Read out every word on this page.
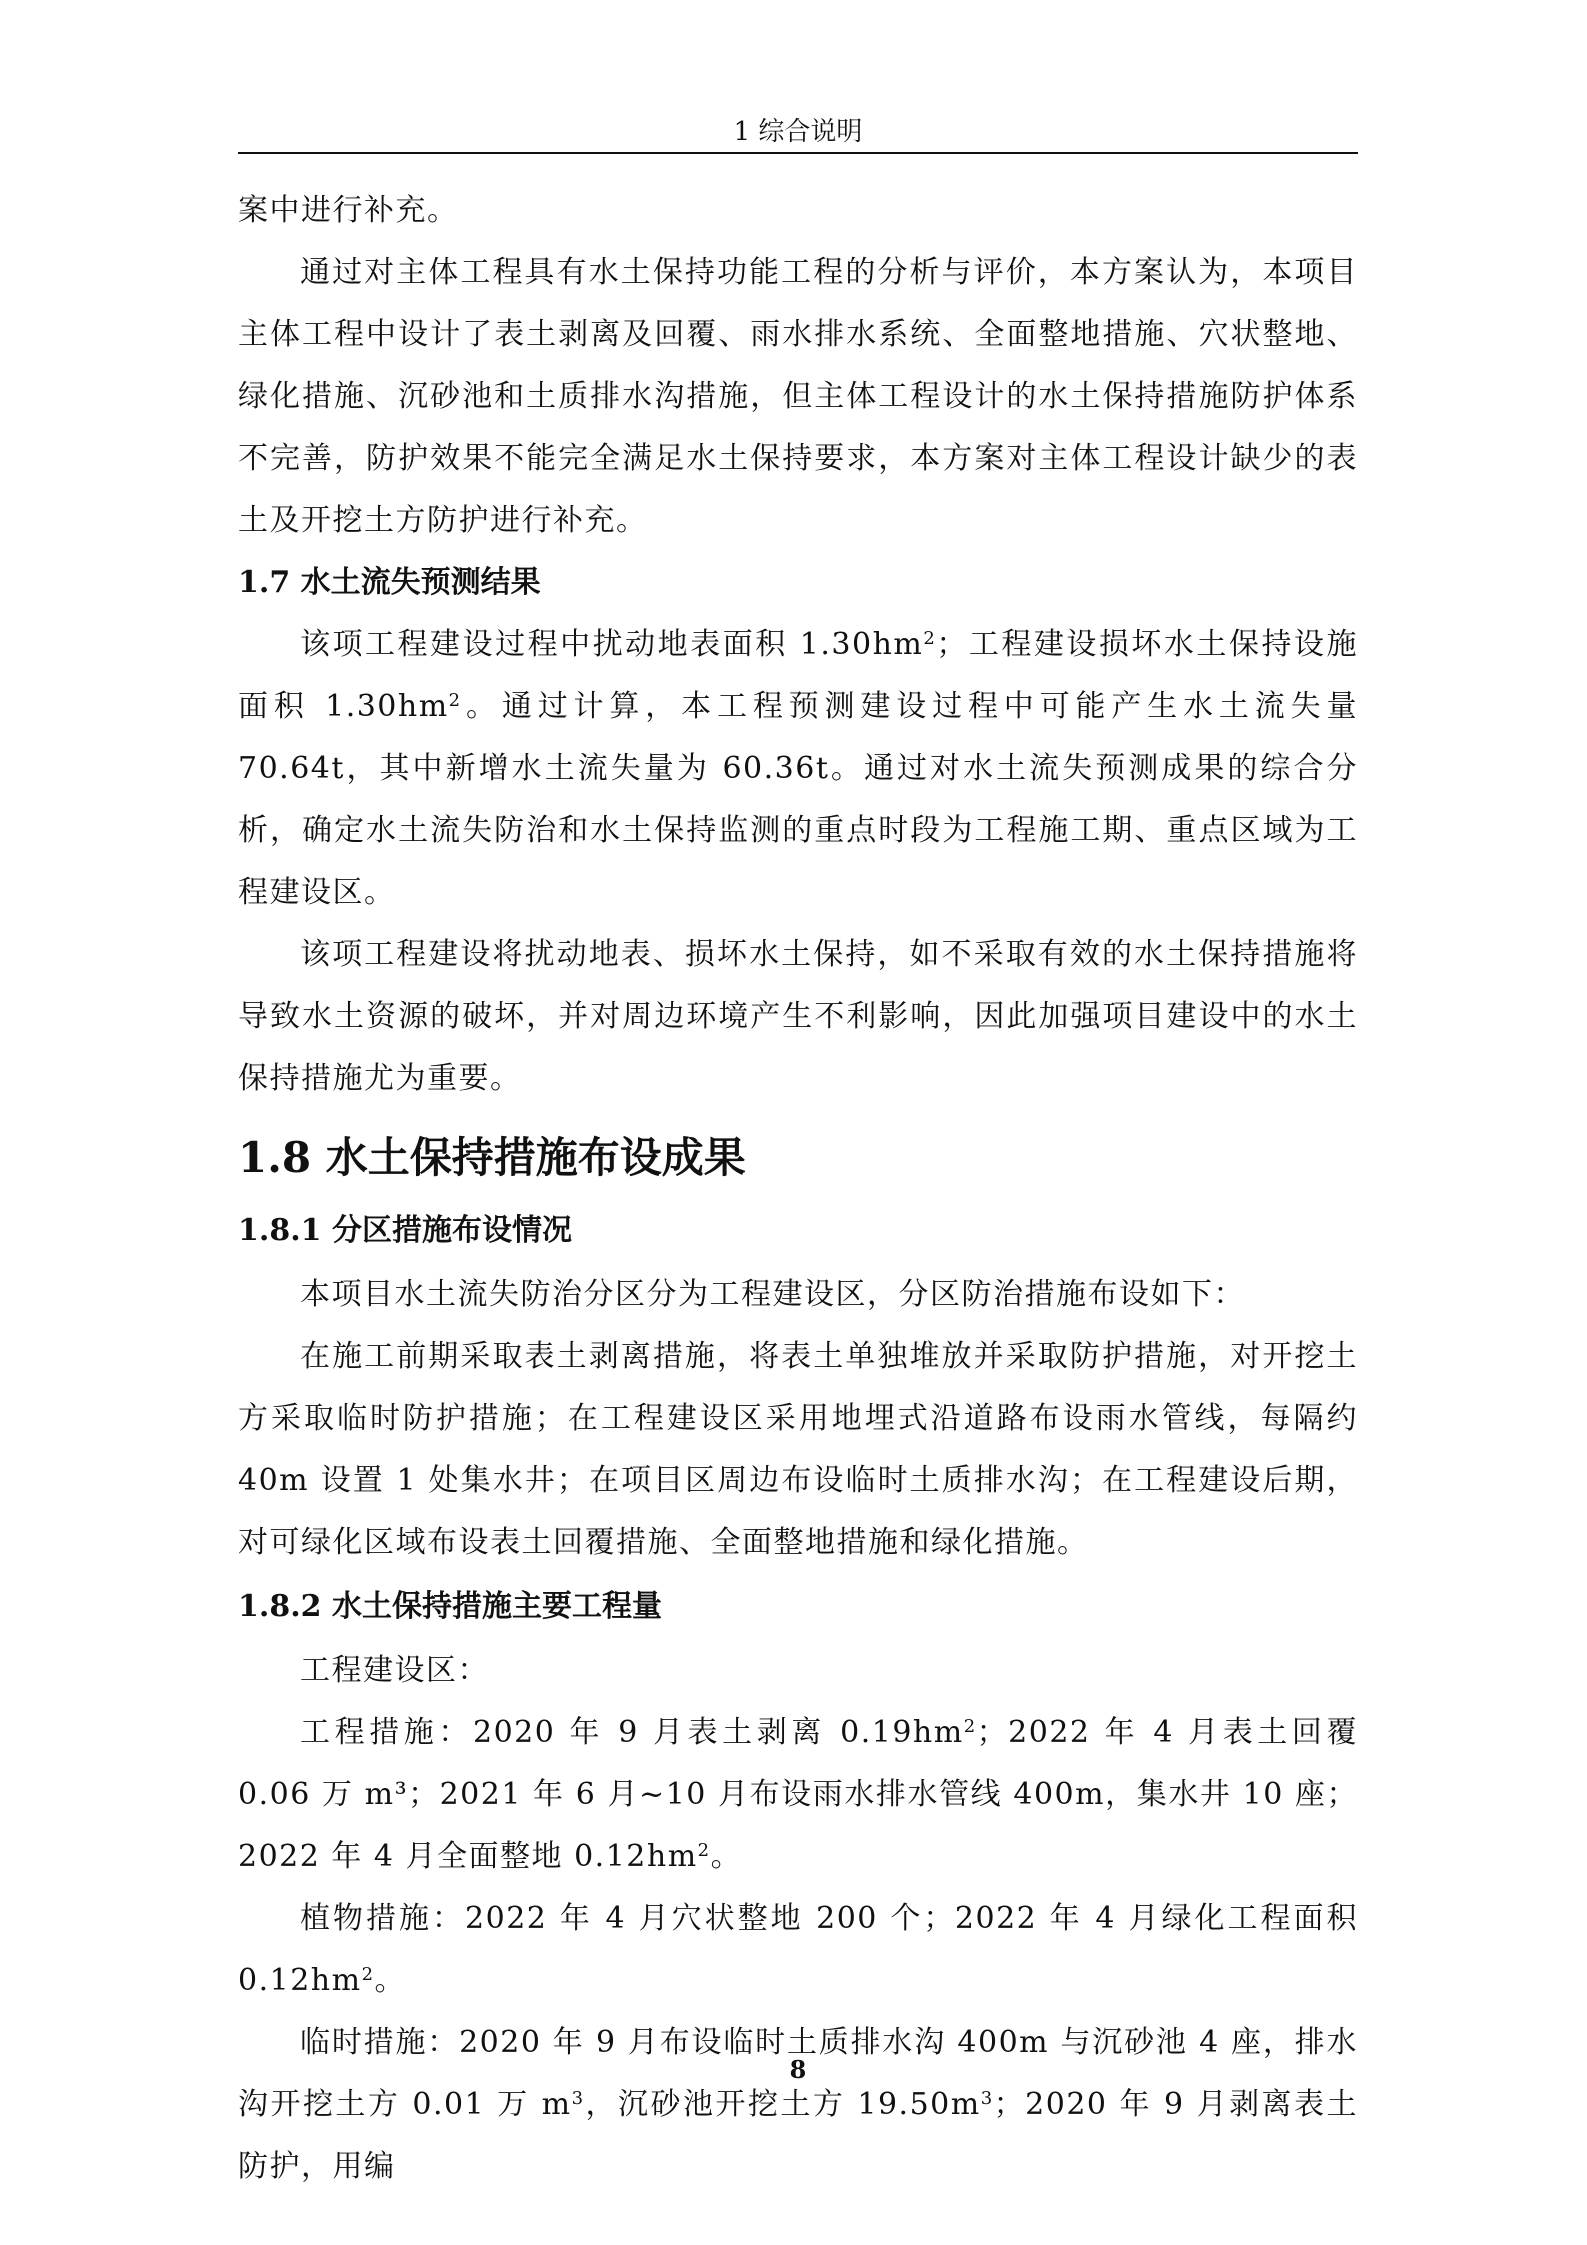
1 综合说明

案中进行补充。

通过对主体工程具有水土保持功能工程的分析与评价，本方案认为，本项目主体工程中设计了表土剥离及回覆、雨水排水系统、全面整地措施、穴状整地、绿化措施、沉砂池和土质排水沟措施，但主体工程设计的水土保持措施防护体系不完善，防护效果不能完全满足水土保持要求，本方案对主体工程设计缺少的表土及开挖土方防护进行补充。

1.7 水土流失预测结果

该项工程建设过程中扰动地表面积 $1.30hm^2$；工程建设损坏水土保持设施面积 $1.30hm^2$。通过计算，本工程预测建设过程中可能产生水土流失量 70.64t，其中新增水土流失量为 60.36t。通过对水土流失预测成果的综合分析，确定水土流失防治和水土保持监测的重点时段为工程施工期、重点区域为工程建设区。

该项工程建设将扰动地表、损坏水土保持，如不采取有效的水土保持措施将导致水土资源的破坏，并对周边环境产生不利影响，因此加强项目建设中的水土保持措施尤为重要。

1.8 水土保持措施布设成果
1.8.1 分区措施布设情况

本项目水土流失防治分区分为工程建设区，分区防治措施布设如下：

在施工前期采取表土剥离措施，将表土单独堆放并采取防护措施，对开挖土方采取临时防护措施；在工程建设区采用地埋式沿道路布设雨水管线，每隔约 40m 设置 1 处集水井；在项目区周边布设临时土质排水沟；在工程建设后期，对可绿化区域布设表土回覆措施、全面整地措施和绿化措施。

1.8.2 水土保持措施主要工程量

工程建设区：

工程措施：2020 年 9 月表土剥离 $0.19hm^2$；2022 年 4 月表土回覆 0.06 万 m³；2021 年 6 月~10 月布设雨水排水管线 400m，集水井 10 座；2022 年 4 月全面整地 $0.12hm^2$。

植物措施：2022 年 4 月穴状整地 200 个；2022 年 4 月绿化工程面积 $0.12hm^2$。

临时措施：2020 年 9 月布设临时土质排水沟 400m 与沉砂池 4 座，排水沟开挖土方 0.01 万 $m^3$，沉砂池开挖土方 $19.50m^3$；2020 年 9 月剥离表土防护，用编

8
